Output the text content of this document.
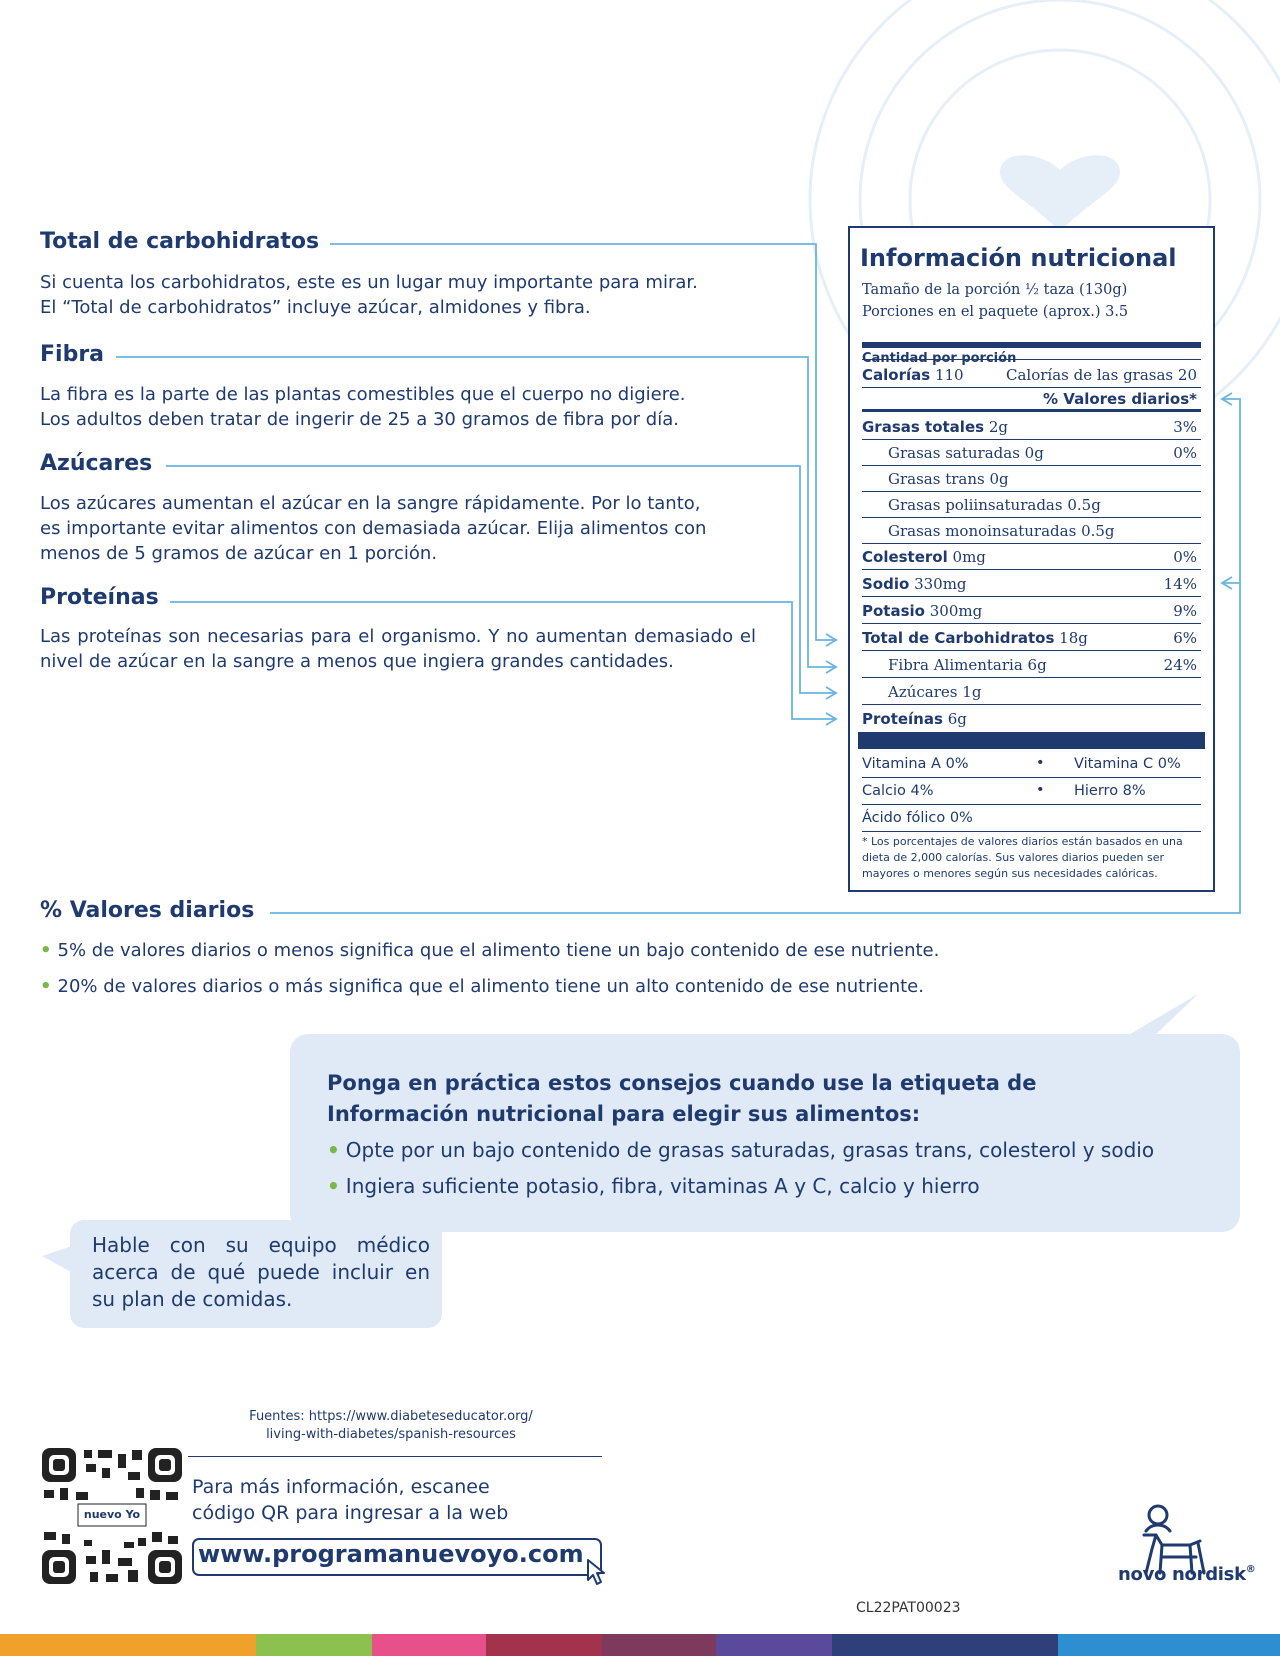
Total de carbohidratos
Si cuenta los carbohidratos, este es un lugar muy importante para mirar.
El “Total de carbohidratos” incluye azúcar, almidones y fibra.
Fibra
La fibra es la parte de las plantas comestibles que el cuerpo no digiere.
Los adultos deben tratar de ingerir de 25 a 30 gramos de fibra por día.
Azúcares
Los azúcares aumentan el azúcar en la sangre rápidamente. Por lo tanto,
es importante evitar alimentos con demasiada azúcar. Elija alimentos con
menos de 5 gramos de azúcar en 1 porción.
Proteínas
Las proteínas son necesarias para el organismo. Y no aumentan demasiado el nivel de azúcar en la sangre a menos que ingiera grandes cantidades.
Información nutricional
Tamaño de la porción ½ taza (130g)
Porciones en el paquete (aprox.) 3.5
Cantidad por porción
Calorías 110	Calorías de las grasas 20
% Valores diarios*
Grasas totales 2g	3%
Grasas saturadas 0g	0%
Grasas trans 0g
Grasas poliinsaturadas 0.5g
Grasas monoinsaturadas 0.5g
Colesterol 0mg	0%
Sodio 330mg	14%
Potasio 300mg	9%
Total de Carbohidratos 18g	6%
Fibra Alimentaria 6g	24%
Azúcares 1g
Proteínas 6g
Vitamina A 0%	• Vitamina C 0%
Calcio 4%	• Hierro 8%
Ácido fólico 0%
* Los porcentajes de valores diarios están basados en una dieta de 2,000 calorías. Sus valores diarios pueden ser mayores o menores según sus necesidades calóricas.
% Valores diarios
• 5% de valores diarios o menos significa que el alimento tiene un bajo contenido de ese nutriente.
• 20% de valores diarios o más significa que el alimento tiene un alto contenido de ese nutriente.
Ponga en práctica estos consejos cuando use la etiqueta de
Información nutricional para elegir sus alimentos:
• Opte por un bajo contenido de grasas saturadas, grasas trans, colesterol y sodio
• Ingiera suficiente potasio, fibra, vitaminas A y C, calcio y hierro
Hable con su equipo médico acerca de qué puede incluir en su plan de comidas.
Fuentes: https://www.diabeteseducator.org/
living-with-diabetes/spanish-resources
nuevo Yo
Para más información, escanee
código QR para ingresar a la web
www.programanuevoyo.com
novo nordisk®
CL22PAT00023
